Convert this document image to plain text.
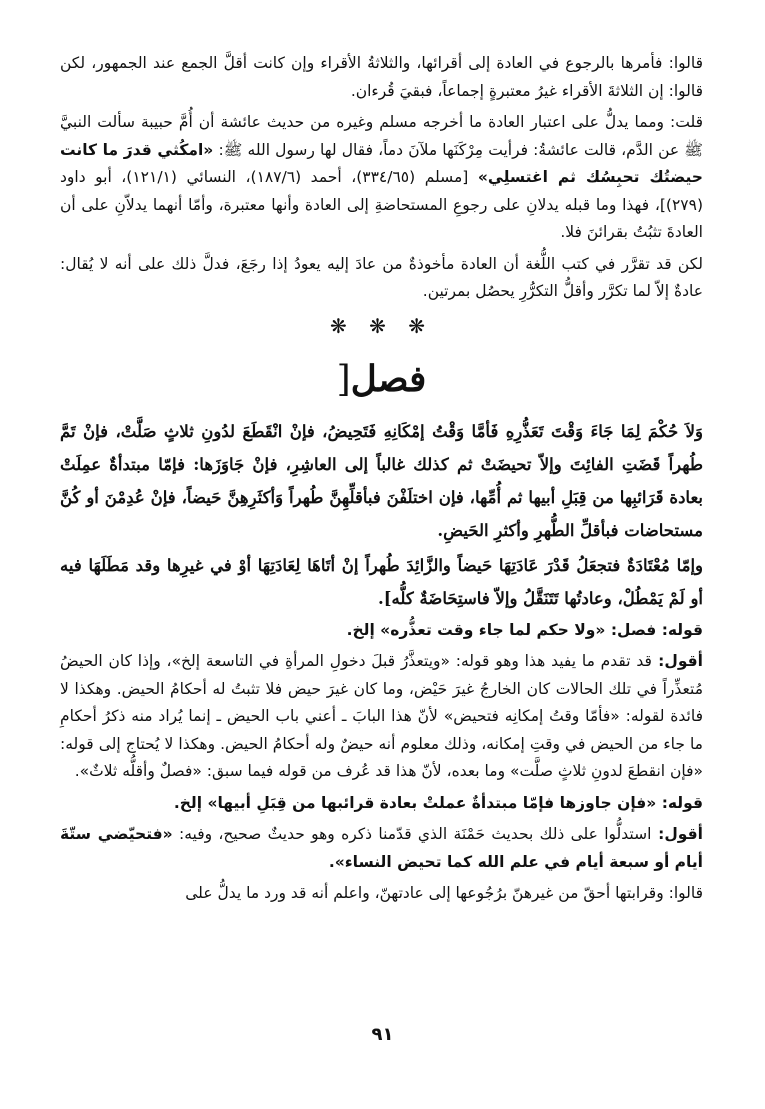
قالوا: فأمرها بالرجوع في العادة إلى أقرائها، والثلاثةُ الأقراء وإن كانت أقلَّ الجمع عند الجمهور، لكن قالوا: إن الثلاثةَ الأقراء غيرُ معتبرةٍ إجماعاً، فبقيَ قُرءان.

قلت: ومما يدلُّ على اعتبار العادة ما أخرجه مسلم وغيره من حديث عائشة أن أُمَّ حبيبة سألت النبيَّ ﷺ عن الدَّم، قالت عائشةُ: فرأيت مِرْكَنَها ملآنَ دماً، فقال لها رسول الله ﷺ: «امكُثي قدرَ ما كانت حيضتُك تحبِسُك ثم اغتسلِي» [مسلم (٣٣٤/٦٥)، أحمد (١٨٧/٦)، النسائي (١٢١/١)، أبو داود (٢٧٩)]، فهذا وما قبله يدلانِ على رجوعِ المستحاضةِ إلى العادة وأنها معتبرة، وأمّا أنهما يدلاّنِ على أن العادةَ تثبُتُ بقرائنَ فلا.

لكن قد تقرَّر في كتب اللُّغة أن العادة مأخوذةٌ من عادَ إليه يعودُ إذا رجَعَ، فدلَّ ذلك على أنه لا يُقال: عادةٌ إلاّ لما تكرَّر وأقلُّ التكرُّرِ يحصُل بمرتين.

❋ ❋ ❋
فصل[

وَلاَ حُكْمَ لِمَا جَاءَ وَقْتَ تَعَذُّرِهِ فَأمَّا وَقْتُ إمْكَانِهِ فَتَحِيضُ، فإنْ انْقَطَعَ لدُونِ ثلاثٍ صَلَّتْ، فإنْ تَمَّ طُهراً قَضَتِ الفائِتَ وإلاّ تحيضَتْ ثم كذلك غالباً إلى العاشِرِ، فإنْ جَاوَزَها: فإمّا مبتدأةٌ عمِلَتْ بعادة قَرَائبِها من قِبَلِ أبيها ثم أُمِّها، فإن اختلَفْنَ فبأقلِّهِنَّ طُهراً وَأكثَرِهِنَّ حَيضاً، فإنْ عُدِمْنَ أو كُنَّ مستحاضات فبأقلِّ الطُّهرِ وأكثرِ الحَيضِ.

وإمّا مُعْتَادَةٌ فتجعَلُ قَدْرَ عَادَتِهَا حَيضاً والزَّائِدَ طُهراً إنْ أتَاهَا لِعَادَتِهَا أوْ في غيرِها وقد مَطَلَهَا فيه أو لَمْ يَمْطُلْ، وعادتُها تَتَنَقَّلُ وإلاّ فاستِحَاضَةٌ كلُّه].

قوله: فصل: «ولا حكم لما جاء وقت تعذُّره» إلخ.

أقول: قد تقدم ما يفيد هذا وهو قوله: «ويتعذَّرُ قبلَ دخولِ المرأةِ في التاسعة إلخ»، وإذا كان الحيضُ مُتعذِّراً في تلك الحالات كان الخارجُ غيرَ حَيْض، وما كان غيرَ حيض فلا تثبتُ له أحكامُ الحيض. وهكذا لا فائدة لقوله: «فأمّا وقتُ إمكانِه فتحيض» لأنّ هذا البابَ ـ أعني باب الحيض ـ إنما يُراد منه ذكرُ أحكامِ ما جاء من الحيض في وقتِ إمكانه، وذلك معلوم أنه حيضٌ وله أحكامُ الحيض. وهكذا لا يُحتاج إلى قوله: «فإن انقطعَ لدونِ ثلاثٍ صلَّت» وما بعده، لأنّ هذا قد عُرف من قوله فيما سبق: «فصلٌ وأقلُّه ثلاثٌ».

قوله: «فإن جاوزها فإمّا مبتدأةٌ عملتْ بعادة قرائبها من قِبَلِ أبيها» إلخ.

أقول: استدلُّوا على ذلك بحديث حَمْنَة الذي قدّمنا ذكره وهو حديثٌ صحيح، وفيه: «فتحيّضي ستّةَ أيام أو سبعة أيام في علم الله كما تحيض النساء».

قالوا: وقرابتها أحقّ من غيرهنّ برُجُوعها إلى عادتهنّ، واعلم أنه قد ورد ما يدلُّ على

٩١
